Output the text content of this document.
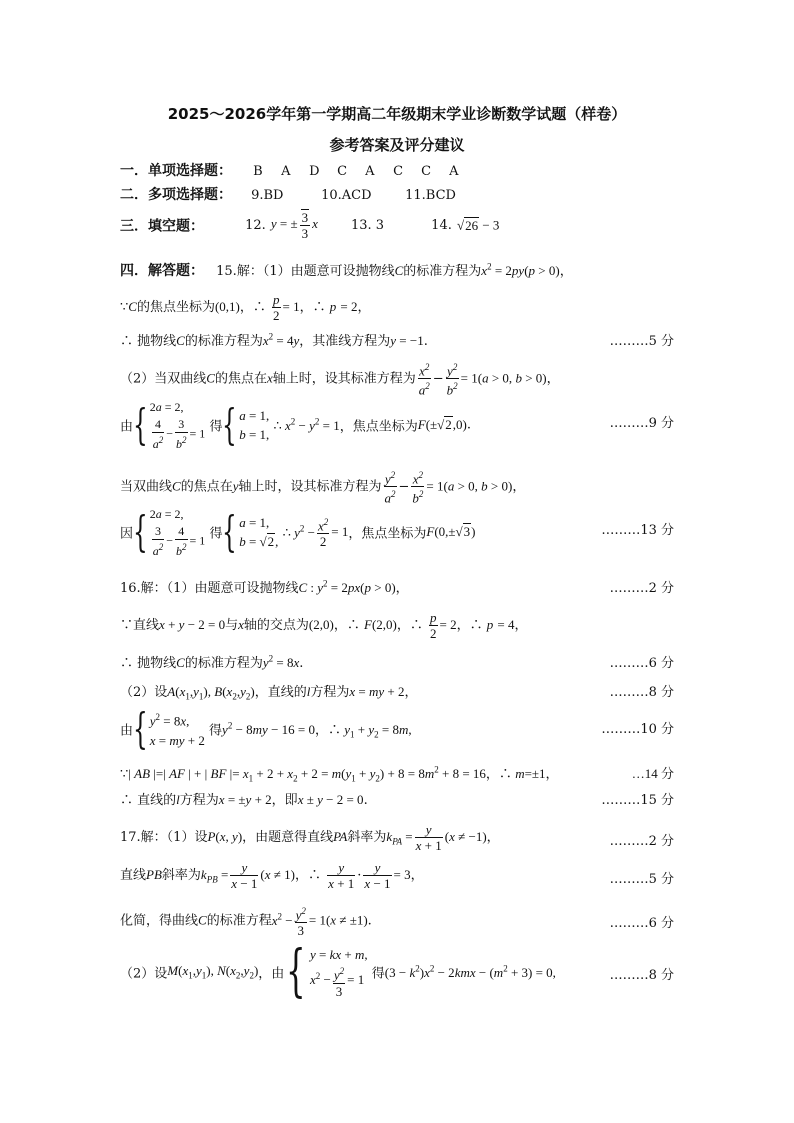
2025～2026学年第一学期高二年级期末学业诊断数学试题（样卷）
参考答案及评分建议
一．单项选择题： B A D C A C C A
二．多项选择题： 9.BD	10.ACD	11.BCD
三．填空题：	12. y = ± $\frac{3}{3}$ x	13. 3	14. √26 − 3
四．解答题： 15.解：（1）由题意可设抛物线C的标准方程为$x^2 = 2py(p > 0)$，
∵C的焦点坐标为(0,1)，∴ $\frac{p}{2} = 1$，∴ p = 2，
∴ 抛物线C的标准方程为$x^2 = 4y$，其准线方程为y = −1.	………5 分
（2）当双曲线C的焦点在x轴上时，设其标准方程为 $\frac{x^2}{a^2} - \frac{y^2}{b^2} = 1(a > 0$, b > 0)，
由{ 2a = 2,
$\frac{4}{a^2} - \frac{3}{b^2} = 1$ 得{ a = 1,
b = 1,
∴ $x^2 - y^2 = 1$，焦点坐标为F(±√2,0).	………9 分
当双曲线C的焦点在y轴上时，设其标准方程为 $\frac{y^2}{a^2} - \frac{x^2}{b^2} = 1(a > 0$, b > 0)，
因{ 2a = 2,
$\frac{3}{a^2} - \frac{4}{b^2} = 1$ 得{ a = 1,
b = √2,
∴ $y^2 - \frac{x^2}{2} = 1$，焦点坐标为F(0,±√3)	………13 分
16.解：（1）由题意可设抛物线C : $y^2 = 2px(p > 0)$，	………2 分
∵直线x + y − 2 = 0与x轴的交点为(2,0)，∴ F(2,0)，∴ $\frac{p}{2} = 2$，∴ p = 4，
∴ 抛物线C的标准方程为$y^2 = 8x$.	………6 分
（2）设$A(x_1,y_1)$, $B(x_2,y_2)$，直线的l方程为x = my + 2，	………8 分
由{ $y^2 = 8x$,
x = my + 2
得$y^2 - 8my - 16 = 0$，∴ $y_1 + y_2 = 8m$,	………10 分
∵| AB |=| AF | + | BF |= $x_1 + 2 + x_2 + 2 = m(y_1 + y_2) + 8 = 8m^2 + 8 = 16$，∴ m=±1，	…14 分
∴ 直线的l方程为x = ±y + 2，即x ± y − 2 = 0.	………15 分
17.解：（1）设P(x, y)，由题意得直线PA斜率为$k_{PA} = \frac{y}{x + 1} (x \ne -1)$，	………2 分
直线PB斜率为$k_{PB} = \frac{y}{x - 1} (x \ne 1)$，∴ $\frac{y}{x + 1} \cdot \frac{y}{x - 1} = 3$，	………5 分
化简，得曲线C的标准方程$x^2 - \frac{y^2}{3} = 1(x \ne \pm 1)$.	………6 分
（2）设$M(x_1,y_1)$, $N(x_2,y_2)$，由{ y = kx + m,
$x^2 - \frac{y^2}{3} = 1$ 得$(3 - k^2)x^2 - 2kmx - (m^2 + 3) = 0$,	………8 分
